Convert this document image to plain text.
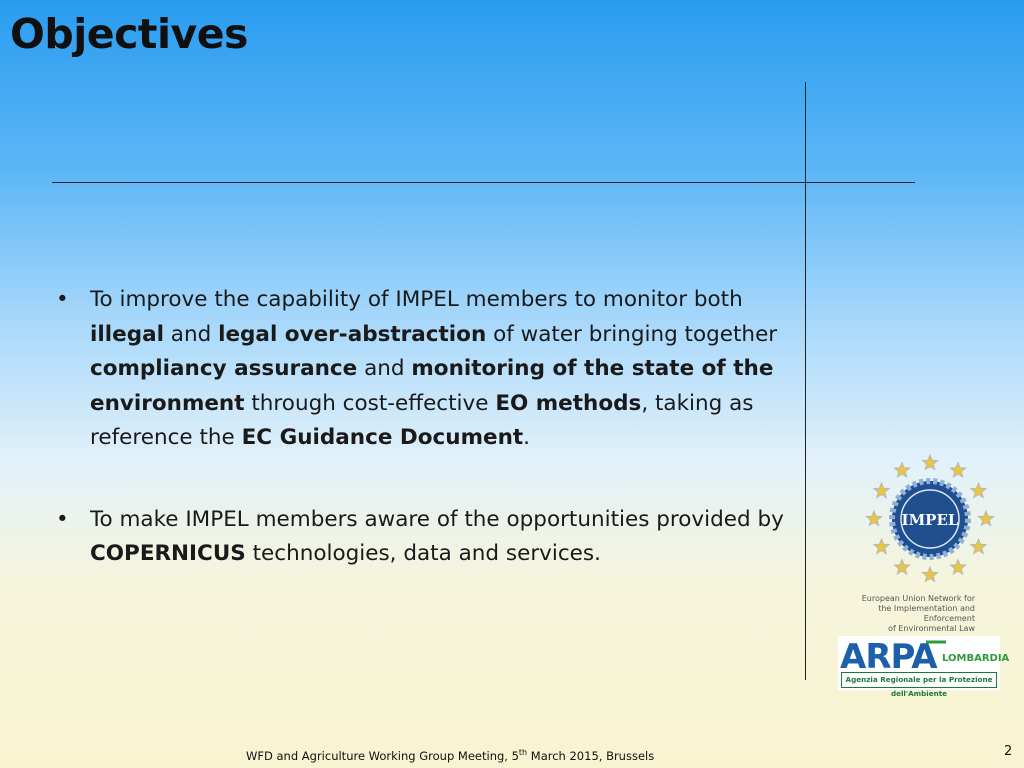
Objectives
• To improve the capability of IMPEL members to monitor both illegal and legal over-abstraction of water bringing together compliancy assurance and monitoring of the state of the environment through cost-effective EO methods, taking as reference the EC Guidance Document.
• To make IMPEL members aware of the opportunities provided by COPERNICUS technologies, data and services.
IMPEL
European Union Network for
the Implementation and Enforcement
of Environmental Law
ARPA LOMBARDIA
Agenzia Regionale per la Protezione dell'Ambiente
WFD and Agriculture Working Group Meeting, 5th March 2015, Brussels	2
